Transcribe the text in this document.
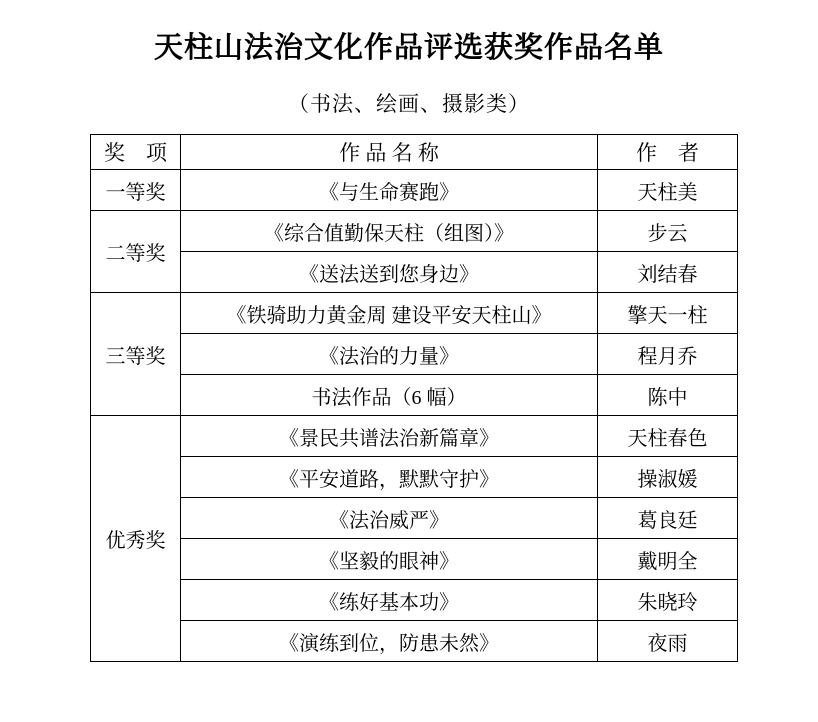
天柱山法治文化作品评选获奖作品名单
（书法、绘画、摄影类）
奖　项	作 品 名 称	作　者
一等奖	《与生命赛跑》	天柱美
二等奖	《综合值勤保天柱（组图）》	步云
	《送法送到您身边》	刘结春
三等奖	《铁骑助力黄金周 建设平安天柱山》	擎天一柱
	《法治的力量》	程月乔
	书法作品（6 幅）	陈中
优秀奖	《景民共谱法治新篇章》	天柱春色
	《平安道路，默默守护》	操淑媛
	《法治威严》	葛良廷
	《坚毅的眼神》	戴明全
	《练好基本功》	朱晓玲
	《演练到位，防患未然》	夜雨
